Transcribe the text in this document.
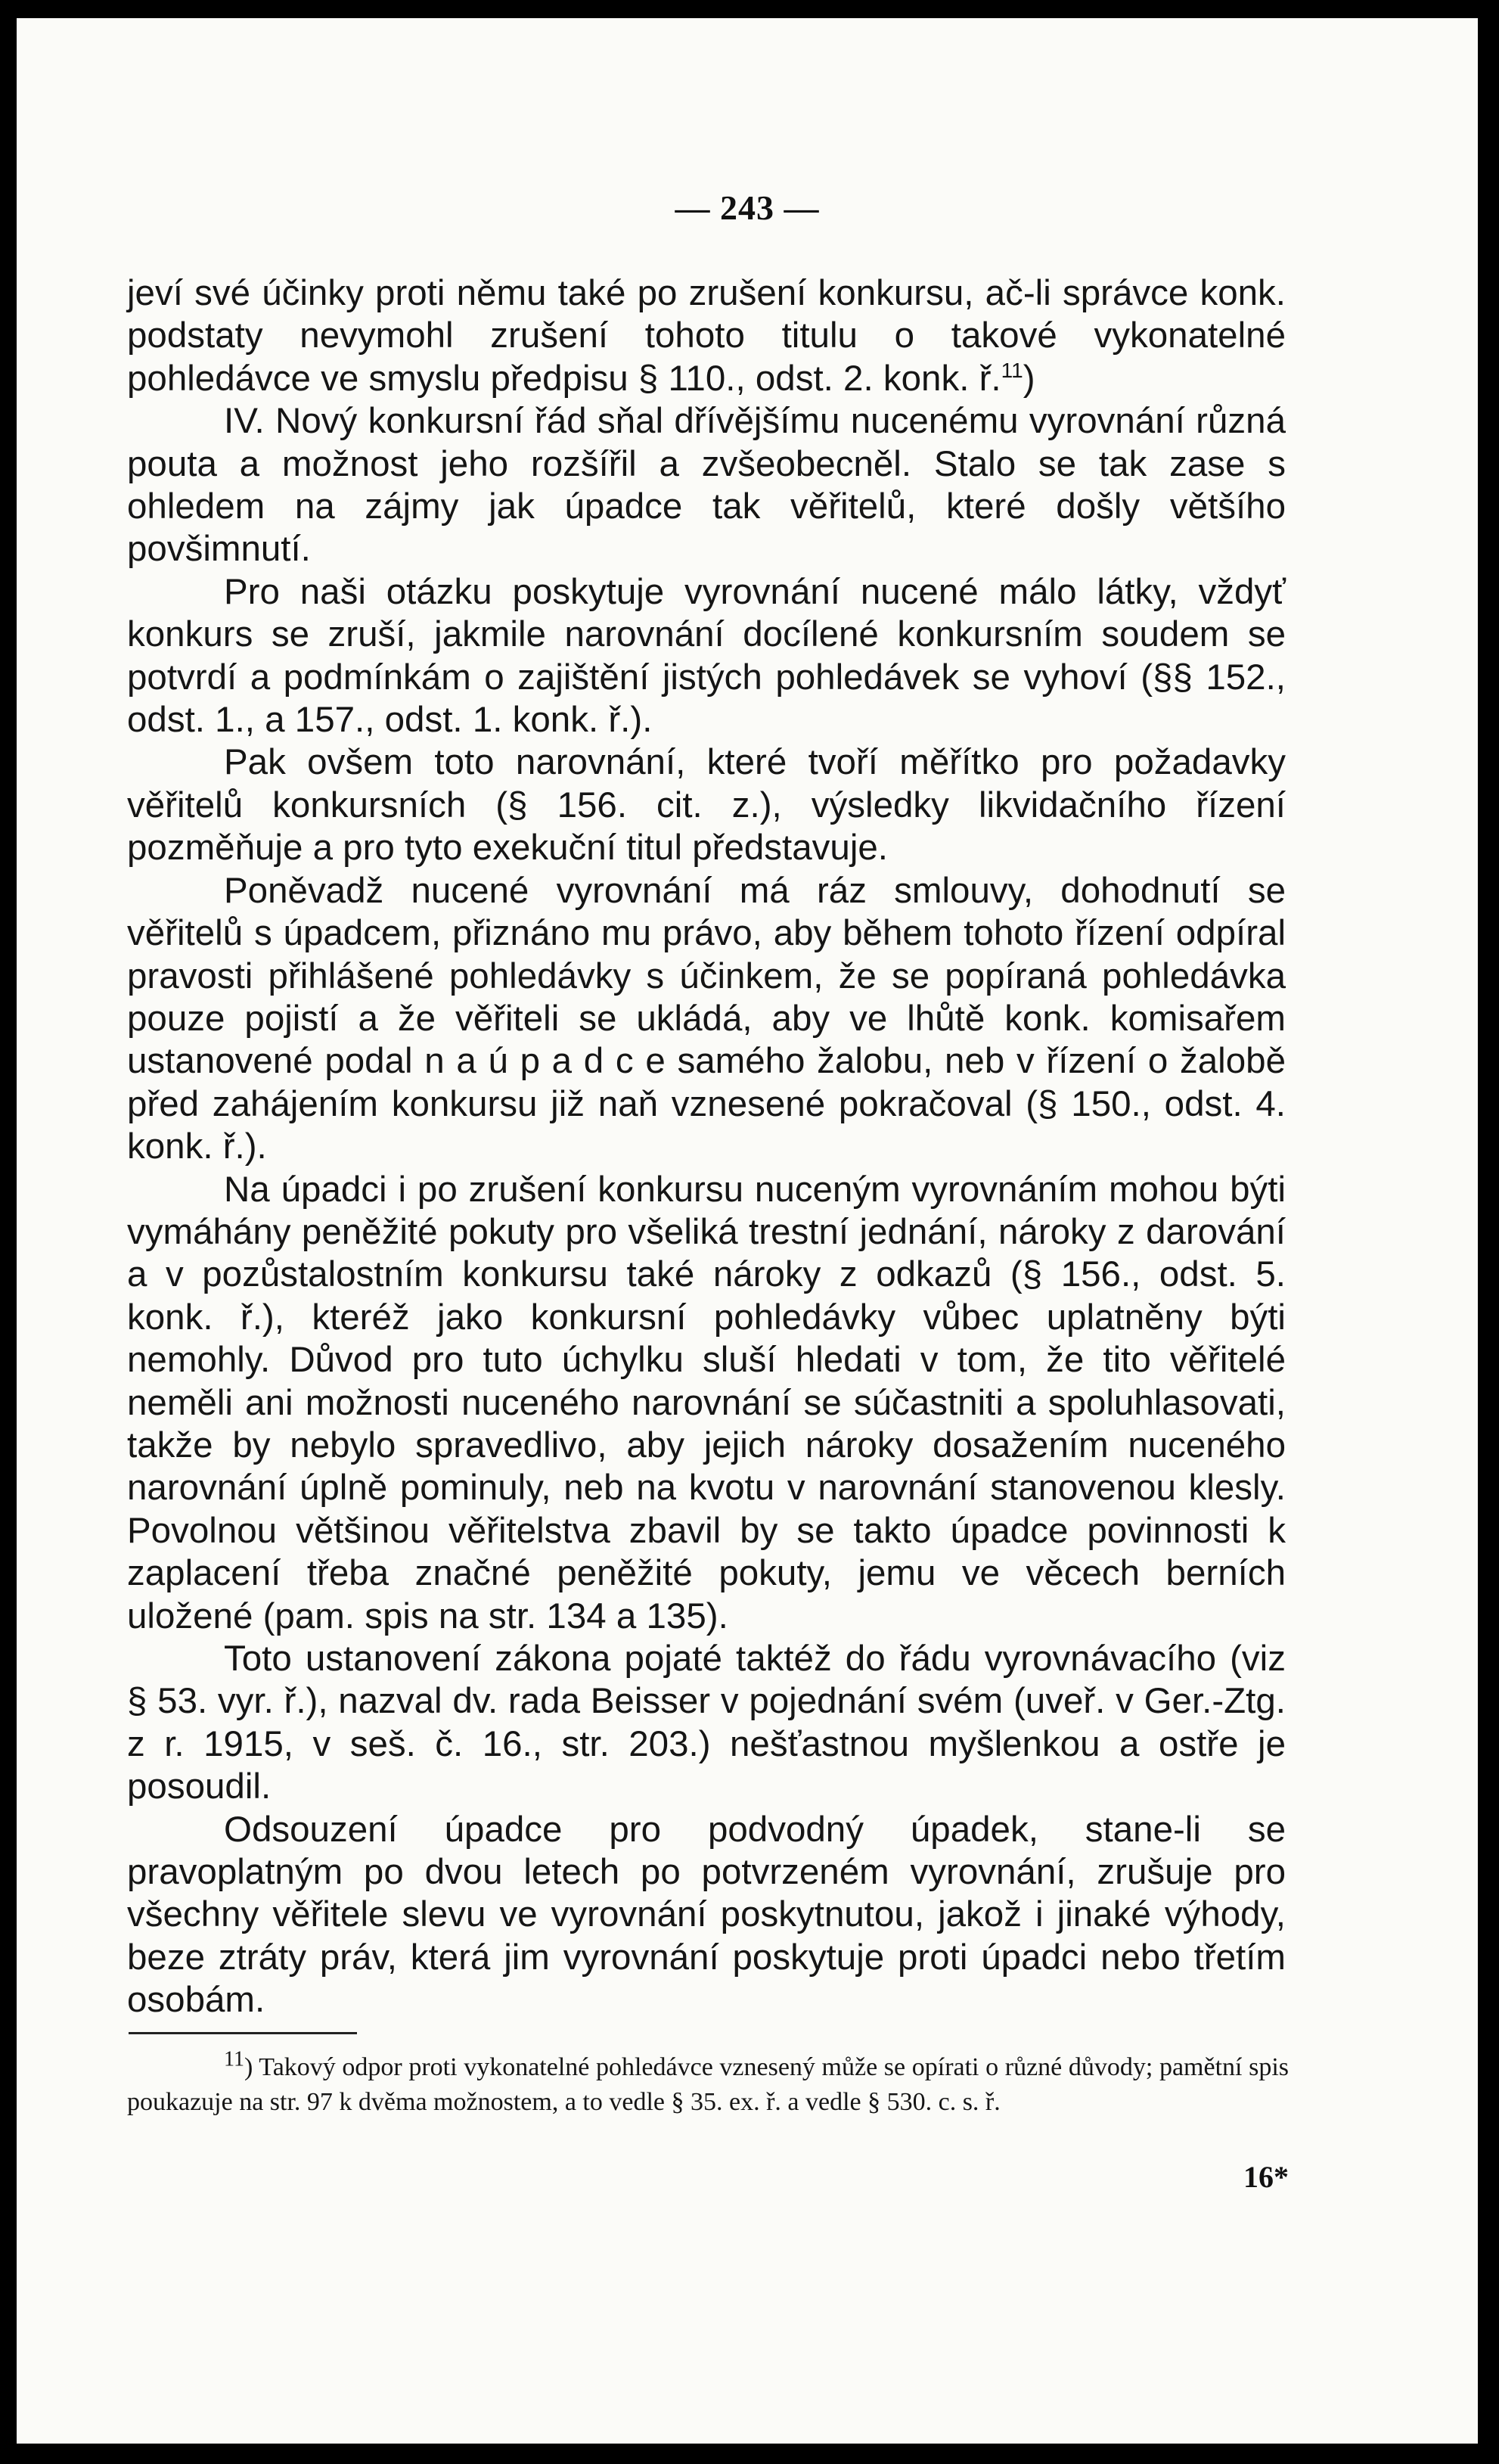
— 243 —

jeví své účinky proti němu také po zrušení konkursu, ač-li správce konk. podstaty nevymohl zrušení tohoto titulu o takové vykonatelné pohledávce ve smyslu předpisu § 110., odst. 2. konk. ř.$^{11}$)

IV. Nový konkursní řád sňal dřívějšímu nucenému vyrovnání různá pouta a možnost jeho rozšířil a zvšeobecněl. Stalo se tak zase s ohledem na zájmy jak úpadce tak věřitelů, které došly většího povšimnutí.

Pro naši otázku poskytuje vyrovnání nucené málo látky, vždyť konkurs se zruší, jakmile narovnání docílené konkursním soudem se potvrdí a podmínkám o zajištění jistých pohledávek se vyhoví (§§ 152., odst. 1., a 157., odst. 1. konk. ř.).

Pak ovšem toto narovnání, které tvoří měřítko pro požadavky věřitelů konkursních (§ 156. cit. z.), výsledky likvidačního řízení pozměňuje a pro tyto exekuční titul představuje.

Poněvadž nucené vyrovnání má ráz smlouvy, dohodnutí se věřitelů s úpadcem, přiznáno mu právo, aby během tohoto řízení odpíral pravosti přihlášené pohledávky s účinkem, že se popíraná pohledávka pouze pojistí a že věřiteli se ukládá, aby ve lhůtě konk. komisařem ustanovené podal n a ú p a d c e samého žalobu, neb v řízení o žalobě před zahájením konkursu již naň vznesené pokračoval (§ 150., odst. 4. konk. ř.).

Na úpadci i po zrušení konkursu nuceným vyrovnáním mohou býti vymáhány peněžité pokuty pro všeliká trestní jednání, nároky z darování a v pozůstalostním konkursu také nároky z odkazů (§ 156., odst. 5. konk. ř.), kteréž jako konkursní pohledávky vůbec uplatněny býti nemohly. Důvod pro tuto úchylku sluší hledati v tom, že tito věřitelé neměli ani možnosti nuceného narovnání se súčastniti a spoluhlasovati, takže by nebylo spravedlivo, aby jejich nároky dosažením nuceného narovnání úplně pominuly, neb na kvotu v narovnání stanovenou klesly. Povolnou většinou věřitelstva zbavil by se takto úpadce povinnosti k zaplacení třeba značné peněžité pokuty, jemu ve věcech berních uložené (pam. spis na str. 134 a 135).

Toto ustanovení zákona pojaté taktéž do řádu vyrovnávacího (viz § 53. vyr. ř.), nazval dv. rada Beisser v pojednání svém (uveř. v Ger.-Ztg. z r. 1915, v seš. č. 16., str. 203.) nešťastnou myšlenkou a ostře je posoudil.

Odsouzení úpadce pro podvodný úpadek, stane-li se pravoplatným po dvou letech po potvrzeném vyrovnání, zrušuje pro všechny věřitele slevu ve vyrovnání poskytnutou, jakož i jinaké výhody, beze ztráty práv, která jim vyrovnání poskytuje proti úpadci nebo třetím osobám.

$^{11}$) Takový odpor proti vykonatelné pohledávce vznesený může se opírati o různé důvody; pamětní spis poukazuje na str. 97 k dvěma možnostem, a to vedle § 35. ex. ř. a vedle § 530. c. s. ř.

16*
